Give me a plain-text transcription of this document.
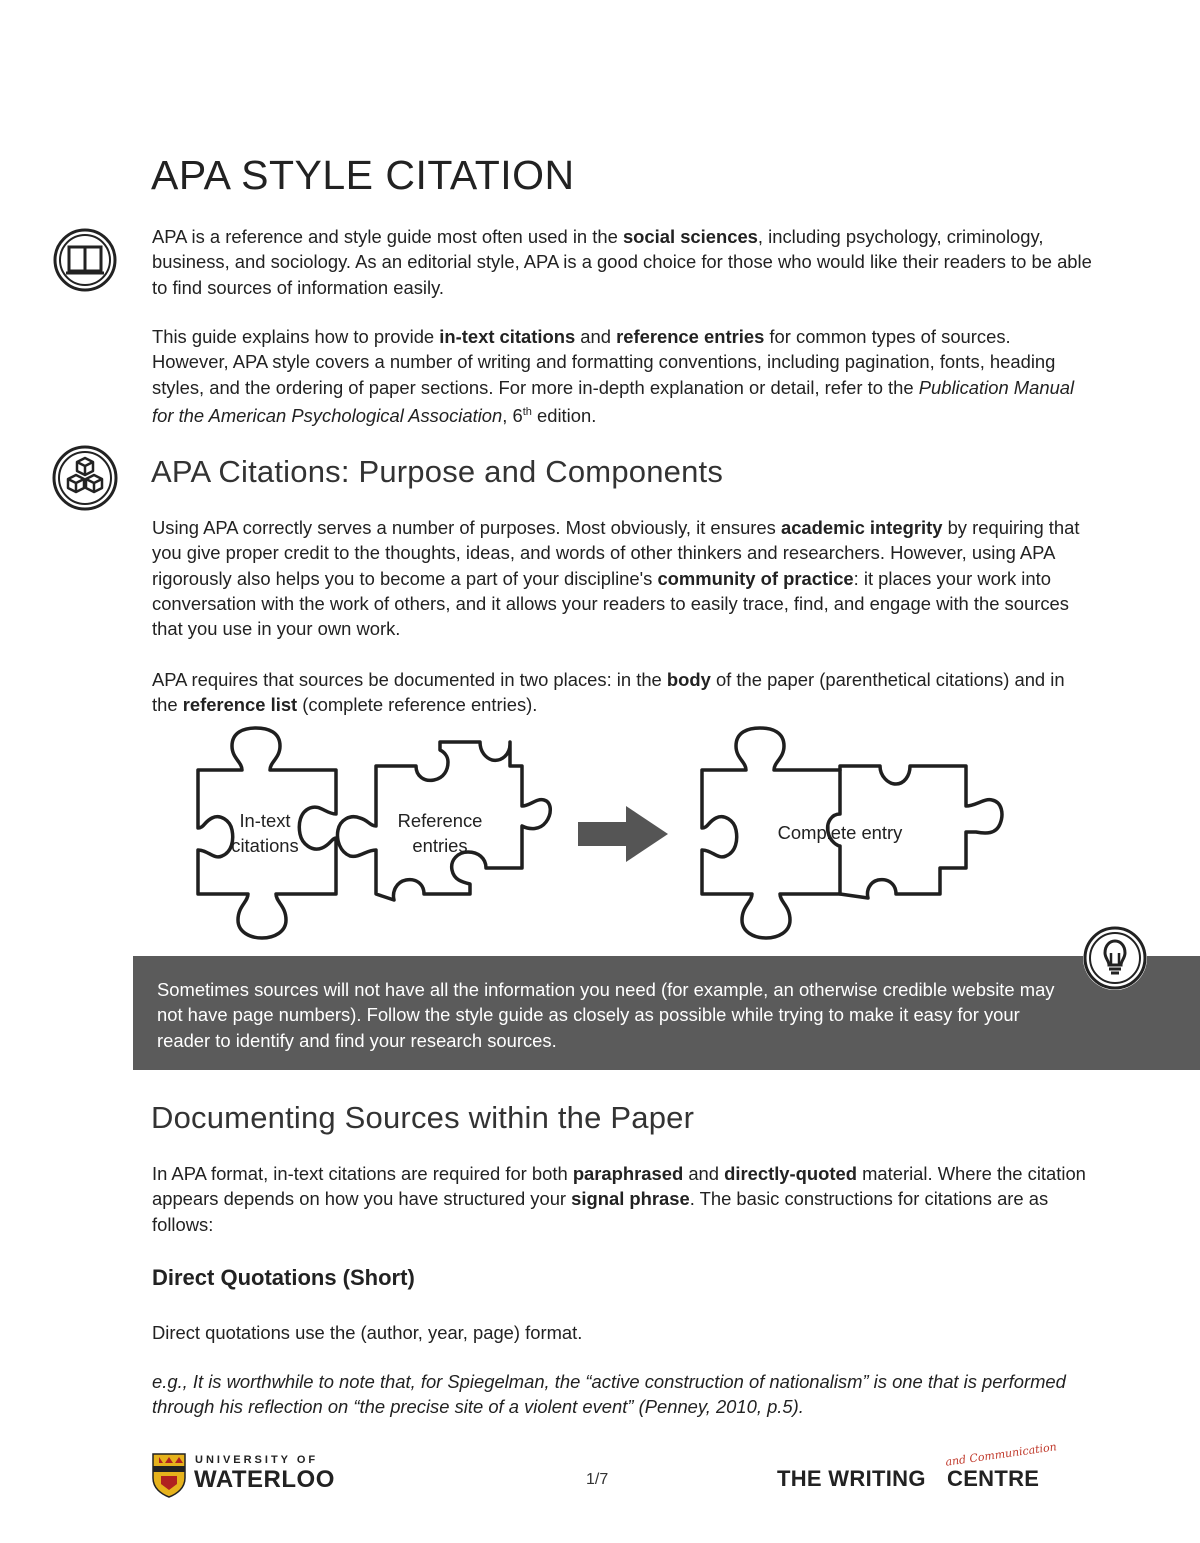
APA STYLE CITATION

APA is a reference and style guide most often used in the social sciences, including psychology, criminology, business, and sociology. As an editorial style, APA is a good choice for those who would like their readers to be able to find sources of information easily.

This guide explains how to provide in-text citations and reference entries for common types of sources. However, APA style covers a number of writing and formatting conventions, including pagination, fonts, heading styles, and the ordering of paper sections. For more in-depth explanation or detail, refer to the Publication Manual for the American Psychological Association, 6th edition.

APA Citations: Purpose and Components

Using APA correctly serves a number of purposes. Most obviously, it ensures academic integrity by requiring that you give proper credit to the thoughts, ideas, and words of other thinkers and researchers. However, using APA rigorously also helps you to become a part of your discipline's community of practice: it places your work into conversation with the work of others, and it allows your readers to easily trace, find, and engage with the sources that you use in your own work.

APA requires that sources be documented in two places: in the body of the paper (parenthetical citations) and in the reference list (complete reference entries).

In-text
citations
Reference
entries
Complete entry

Sometimes sources will not have all the information you need (for example, an otherwise credible website may not have page numbers). Follow the style guide as closely as possible while trying to make it easy for your reader to identify and find your research sources.

Documenting Sources within the Paper

In APA format, in-text citations are required for both paraphrased and directly-quoted material. Where the citation appears depends on how you have structured your signal phrase. The basic constructions for citations are as follows:

Direct Quotations (Short)

Direct quotations use the (author, year, page) format.

e.g., It is worthwhile to note that, for Spiegelman, the “active construction of nationalism” is one that is performed through his reflection on “the precise site of a violent event” (Penney, 2010, p.5).

UNIVERSITY OF
WATERLOO	1/7	THE WRITING CENTRE
and Communication
